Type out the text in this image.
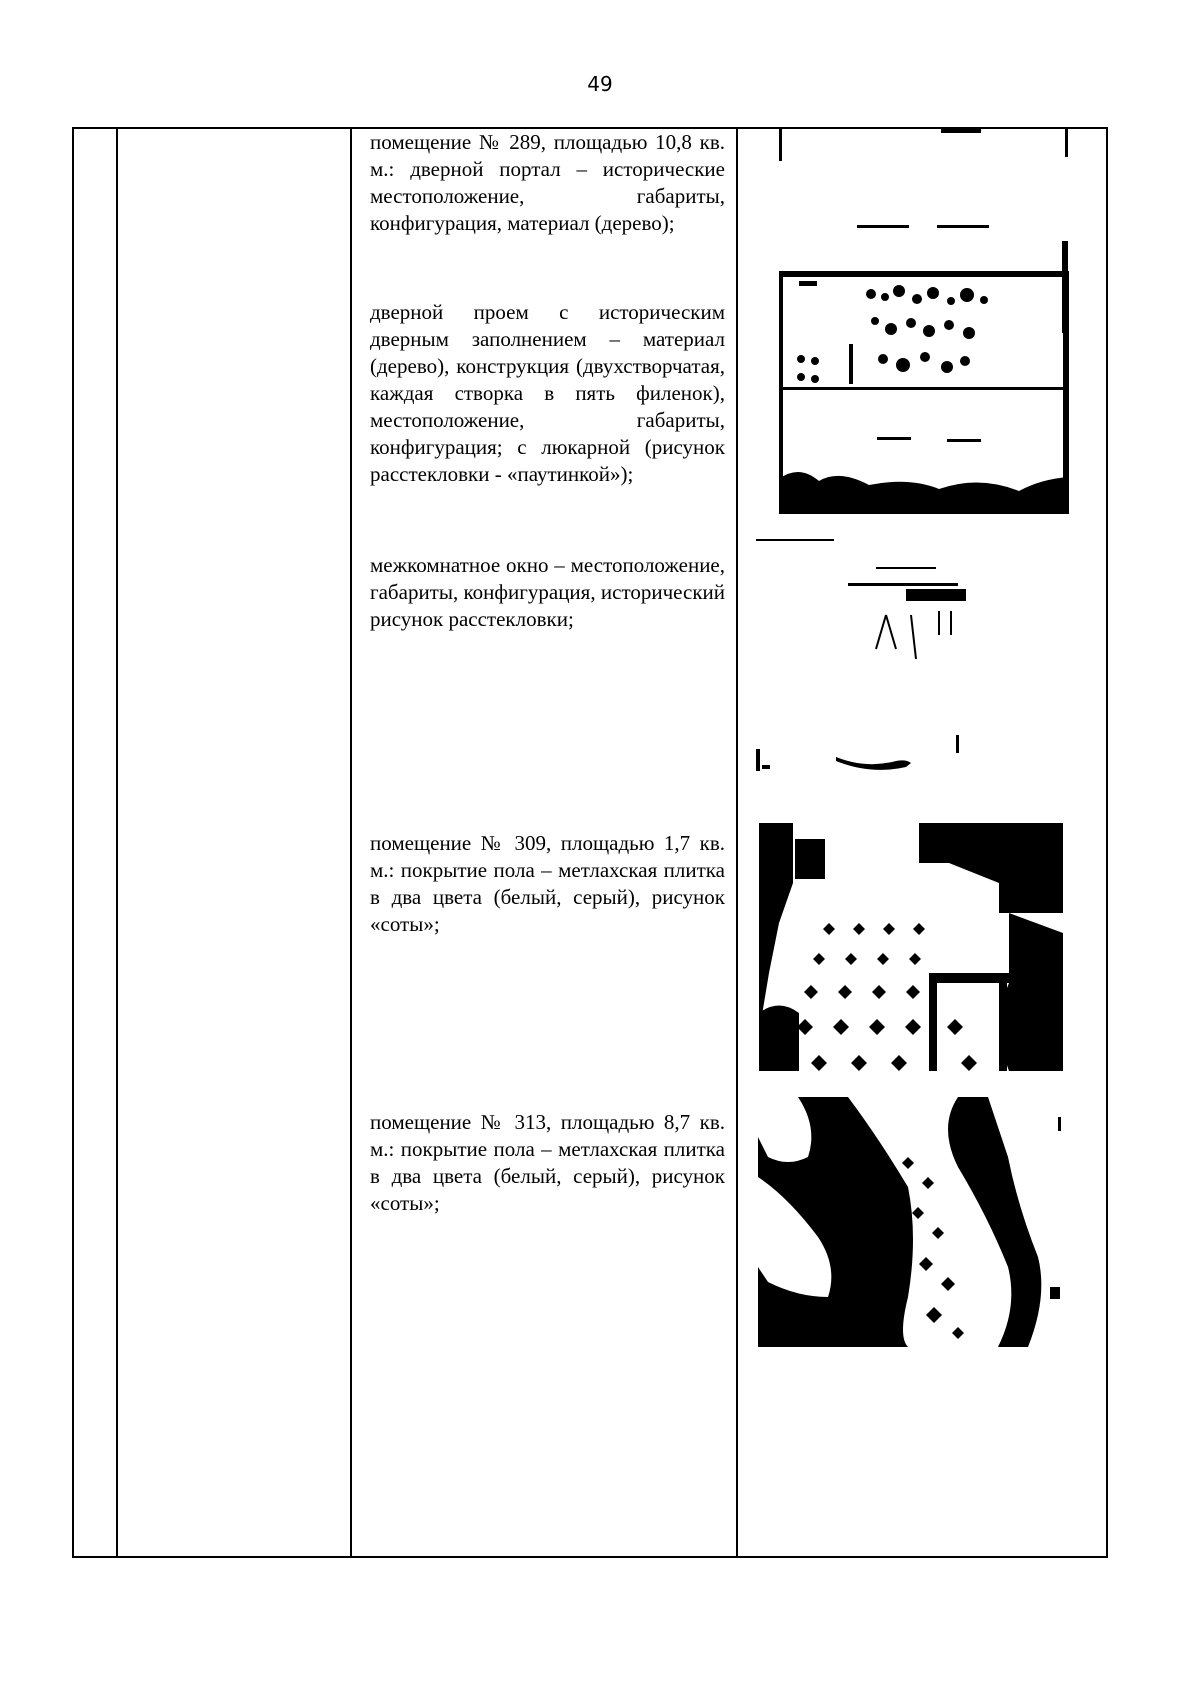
49

помещение № 289, площадью 10,8 кв. м.: дверной портал – исторические местоположение, габариты, конфигурация, материал (дерево);

дверной проем с историческим дверным заполнением – материал (дерево), конструкция (двухстворчатая, каждая створка в пять филенок), местоположение, габариты, конфигурация; с люкарной (рисунок расстекловки - «паутинкой»);

межкомнатное окно – местоположение, габариты, конфигурация, исторический рисунок расстекловки;

помещение № 309, площадью 1,7 кв. м.: покрытие пола – метлахская плитка в два цвета (белый, серый), рисунок «соты»;

помещение № 313, площадью 8,7 кв. м.: покрытие пола – метлахская плитка в два цвета (белый, серый), рисунок «соты»;
